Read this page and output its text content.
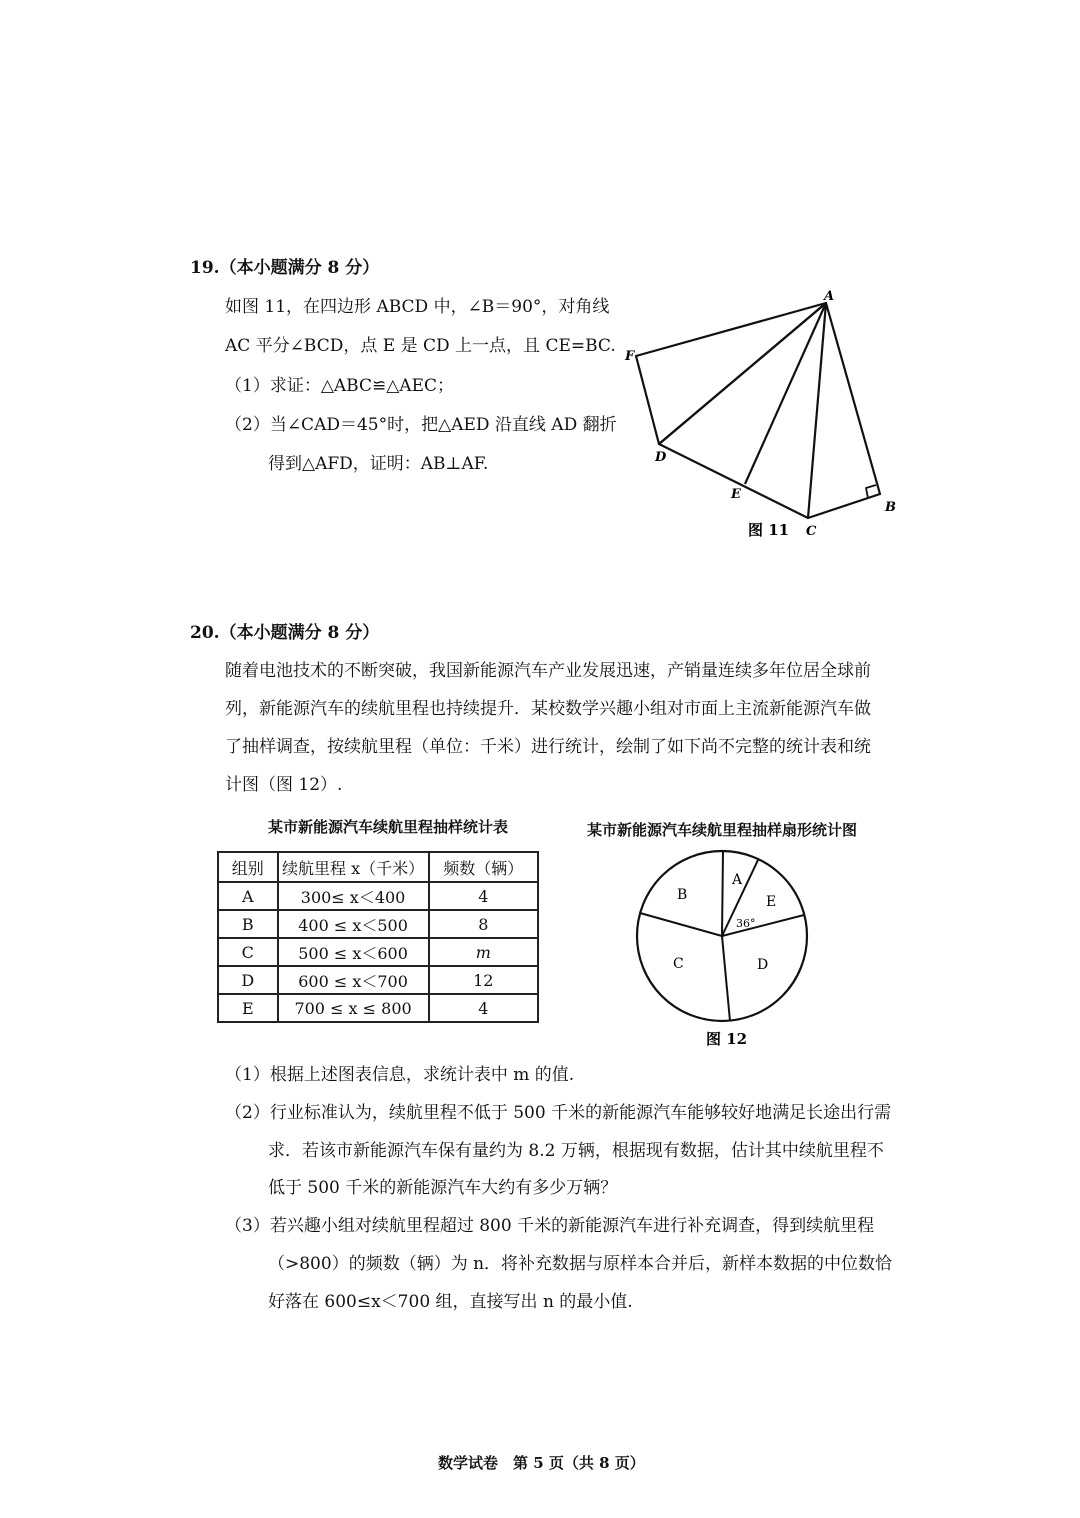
19.（本小题满分 8 分）
如图 11，在四边形 ABCD 中，∠B＝90°，对角线
AC 平分∠BCD，点 E 是 CD 上一点，且 CE=BC.
（1）求证：△ABC≌△AEC；
（2）当∠CAD＝45°时，把△AED 沿直线 AD 翻折
得到△AFD，证明：AB⊥AF.
A
B
C
D
E
F
图 11
20.（本小题满分 8 分）
随着电池技术的不断突破，我国新能源汽车产业发展迅速，产销量连续多年位居全球前
列，新能源汽车的续航里程也持续提升．某校数学兴趣小组对市面上主流新能源汽车做
了抽样调查，按续航里程（单位：千米）进行统计，绘制了如下尚不完整的统计表和统
计图（图 12）.
某市新能源汽车续航里程抽样统计表
组别	续航里程 x（千米）	频数（辆）
A	300≤ x＜400	4
B	400 ≤ x＜500	8
C	500 ≤ x＜600	m
D	600 ≤ x＜700	12
E	700 ≤ x ≤ 800	4
某市新能源汽车续航里程抽样扇形统计图
B
A
E
36°
C	D
图 12
（1）根据上述图表信息，求统计表中 m 的值.
（2）行业标准认为，续航里程不低于 500 千米的新能源汽车能够较好地满足长途出行需
求．若该市新能源汽车保有量约为 8.2 万辆，根据现有数据，估计其中续航里程不
低于 500 千米的新能源汽车大约有多少万辆？
（3）若兴趣小组对续航里程超过 800 千米的新能源汽车进行补充调查，得到续航里程
（>800）的频数（辆）为 n．将补充数据与原样本合并后，新样本数据的中位数恰
好落在 600≤x＜700 组，直接写出 n 的最小值.
数学试卷　第 5 页（共 8 页）
